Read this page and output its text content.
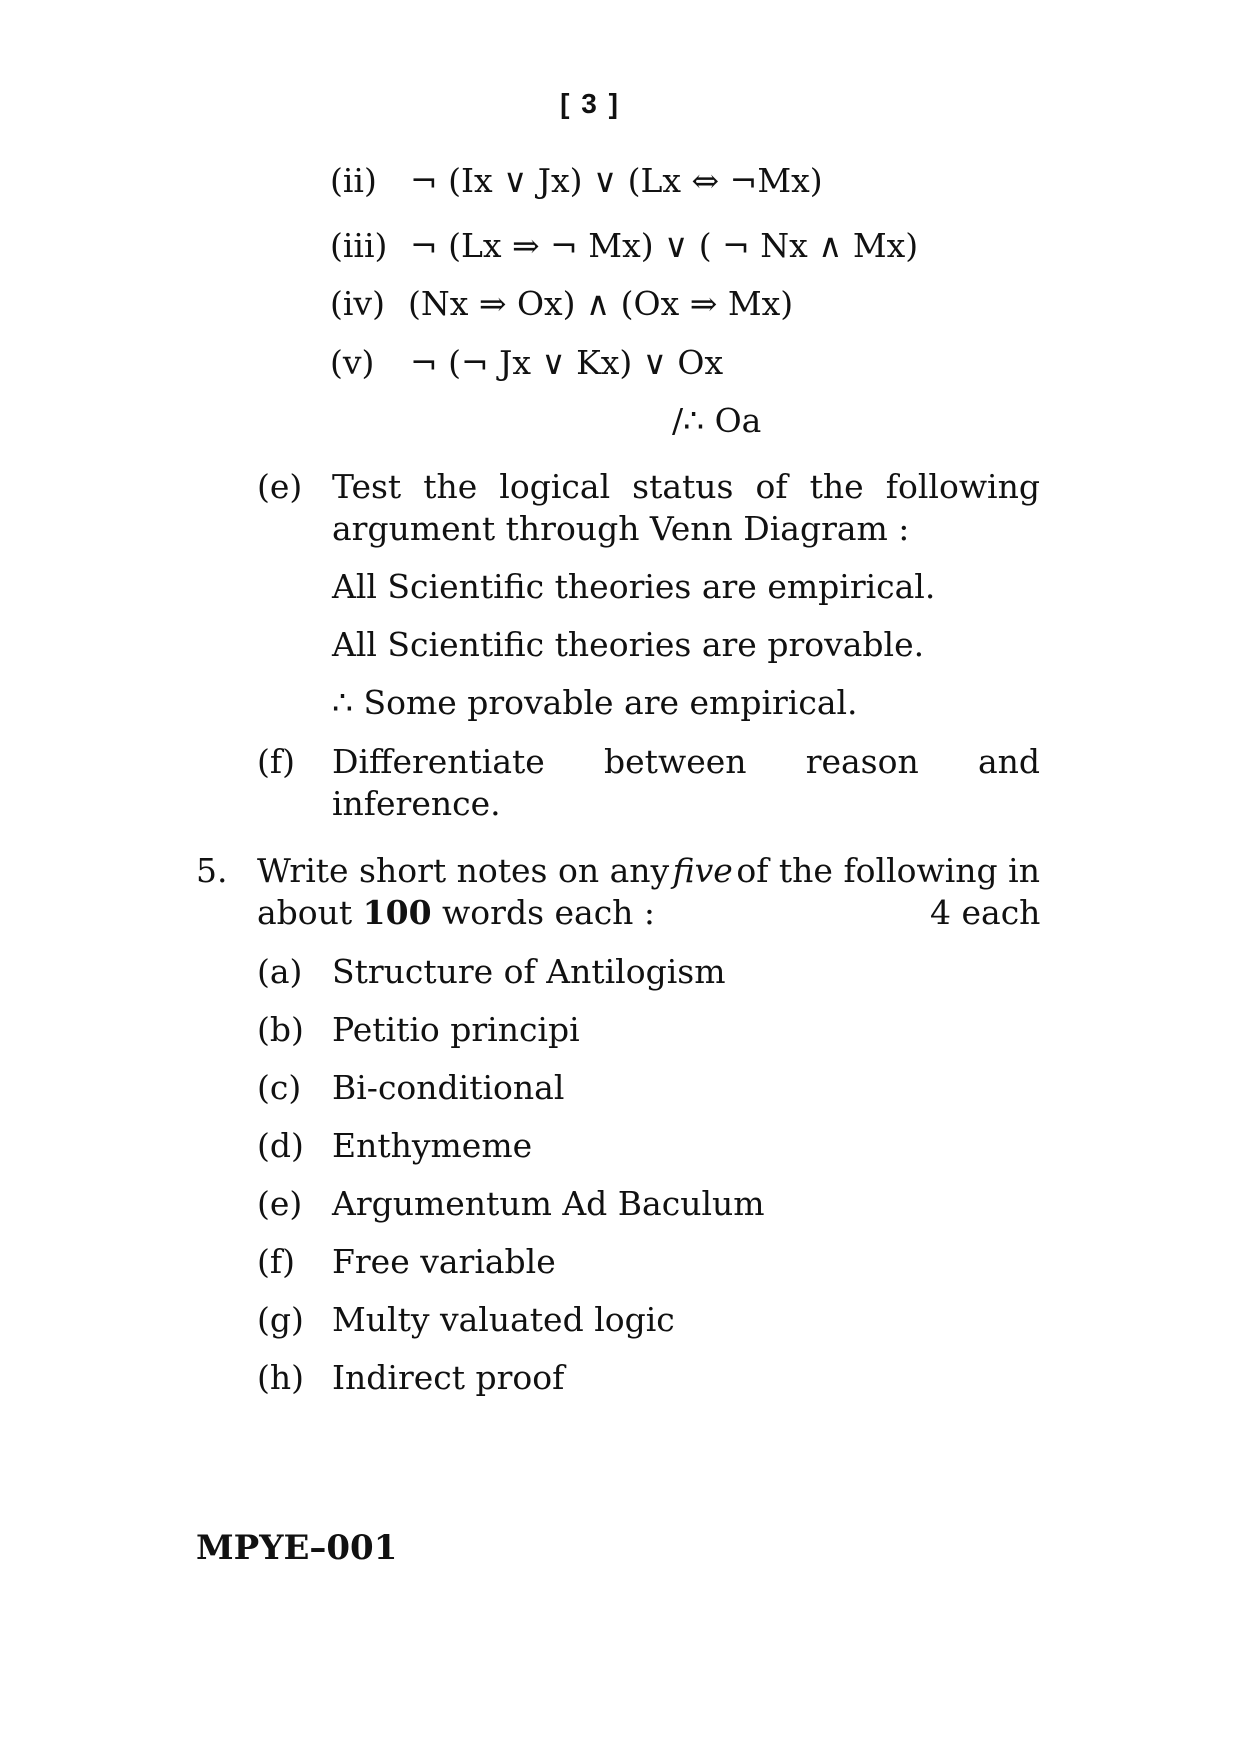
[ 3 ]
(ii) ¬ (Ix ∨ Jx) ∨ (Lx ⇔ ¬Mx)
(iii) ¬ (Lx ⇒ ¬ Mx) ∨ ( ¬ Nx ∧ Mx)
(iv) (Nx ⇒ Ox) ∧ (Ox ⇒ Mx)
(v) ¬ (¬ Jx ∨ Kx) ∨ Ox
/∴ Oa
(e) Test the logical status of the following
argument through Venn Diagram :
All Scientific theories are empirical.
All Scientific theories are provable.
∴ Some provable are empirical.
(f) Differentiate between reason and
inference.
5. Write short notes on any five of the following in
about 100 words each :	4 each
(a) Structure of Antilogism
(b) Petitio principi
(c) Bi-conditional
(d) Enthymeme
(e) Argumentum Ad Baculum
(f) Free variable
(g) Multy valuated logic
(h) Indirect proof
MPYE–001
